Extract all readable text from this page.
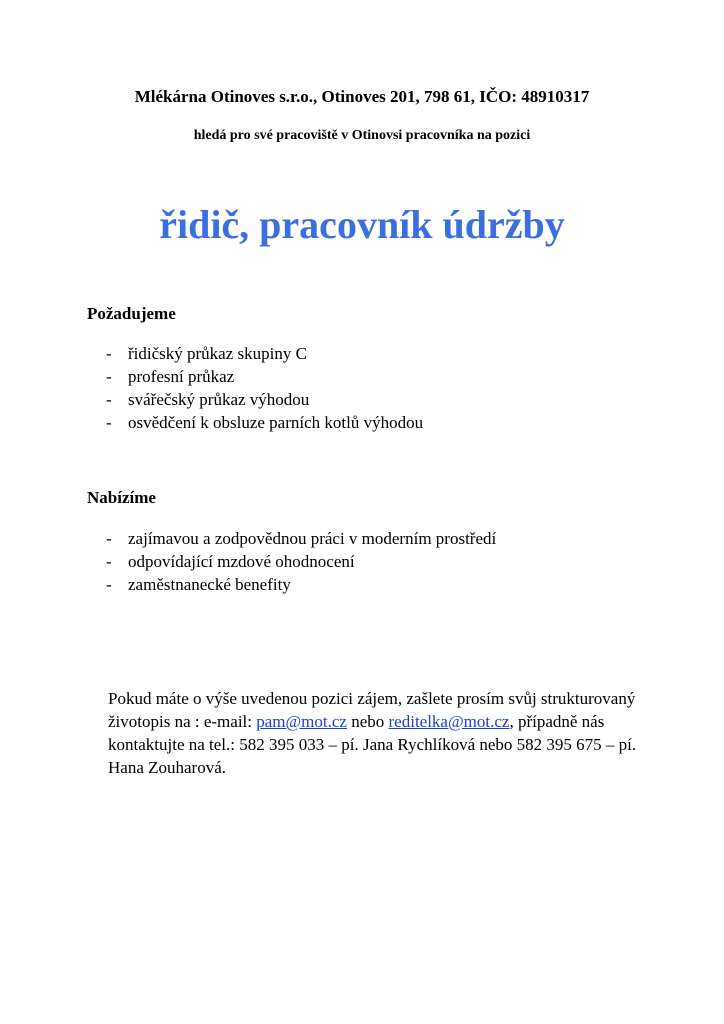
Mlékárna Otinoves s.r.o., Otinoves 201, 798 61, IČO: 48910317
hledá pro své pracoviště v Otinovsi pracovníka na pozici
řidič, pracovník údržby
Požadujeme
- řidičský průkaz skupiny C
- profesní průkaz
- svářečský průkaz výhodou
- osvědčení k obsluze parních kotlů výhodou
Nabízíme
- zajímavou a zodpovědnou práci v moderním prostředí
- odpovídající mzdové ohodnocení
- zaměstnanecké benefity
Pokud máte o výše uvedenou pozici zájem, zašlete prosím svůj strukturovaný životopis na : e-mail: pam@mot.cz nebo reditelka@mot.cz, případně nás kontaktujte na tel.: 582 395 033 – pí. Jana Rychlíková nebo 582 395 675 – pí. Hana Zouharová.
